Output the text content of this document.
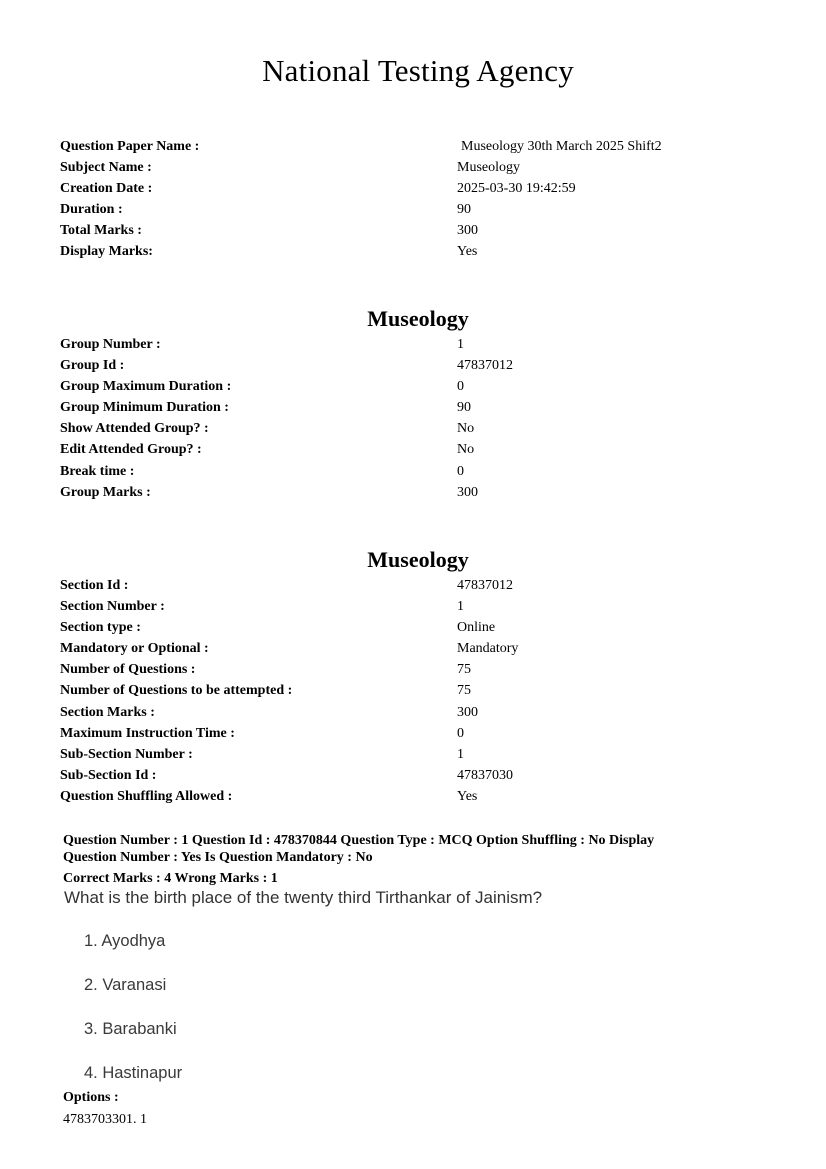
National Testing Agency
Question Paper Name :	Museology 30th March 2025 Shift2
Subject Name :	Museology
Creation Date :	2025-03-30 19:42:59
Duration :	90
Total Marks :	300
Display Marks:	Yes
Museology
Group Number :	1
Group Id :	47837012
Group Maximum Duration :	0
Group Minimum Duration :	90
Show Attended Group? :	No
Edit Attended Group? :	No
Break time :	0
Group Marks :	300
Museology
Section Id :	47837012
Section Number :	1
Section type :	Online
Mandatory or Optional :	Mandatory
Number of Questions :	75
Number of Questions to be attempted :	75
Section Marks :	300
Maximum Instruction Time :	0
Sub-Section Number :	1
Sub-Section Id :	47837030
Question Shuffling Allowed :	Yes
Question Number : 1 Question Id : 478370844 Question Type : MCQ Option Shuffling : No Display
Question Number : Yes Is Question Mandatory : No
Correct Marks : 4 Wrong Marks : 1
What is the birth place of the twenty third Tirthankar of Jainism?
1. Ayodhya
2. Varanasi
3. Barabanki
4. Hastinapur
Options :
4783703301. 1
